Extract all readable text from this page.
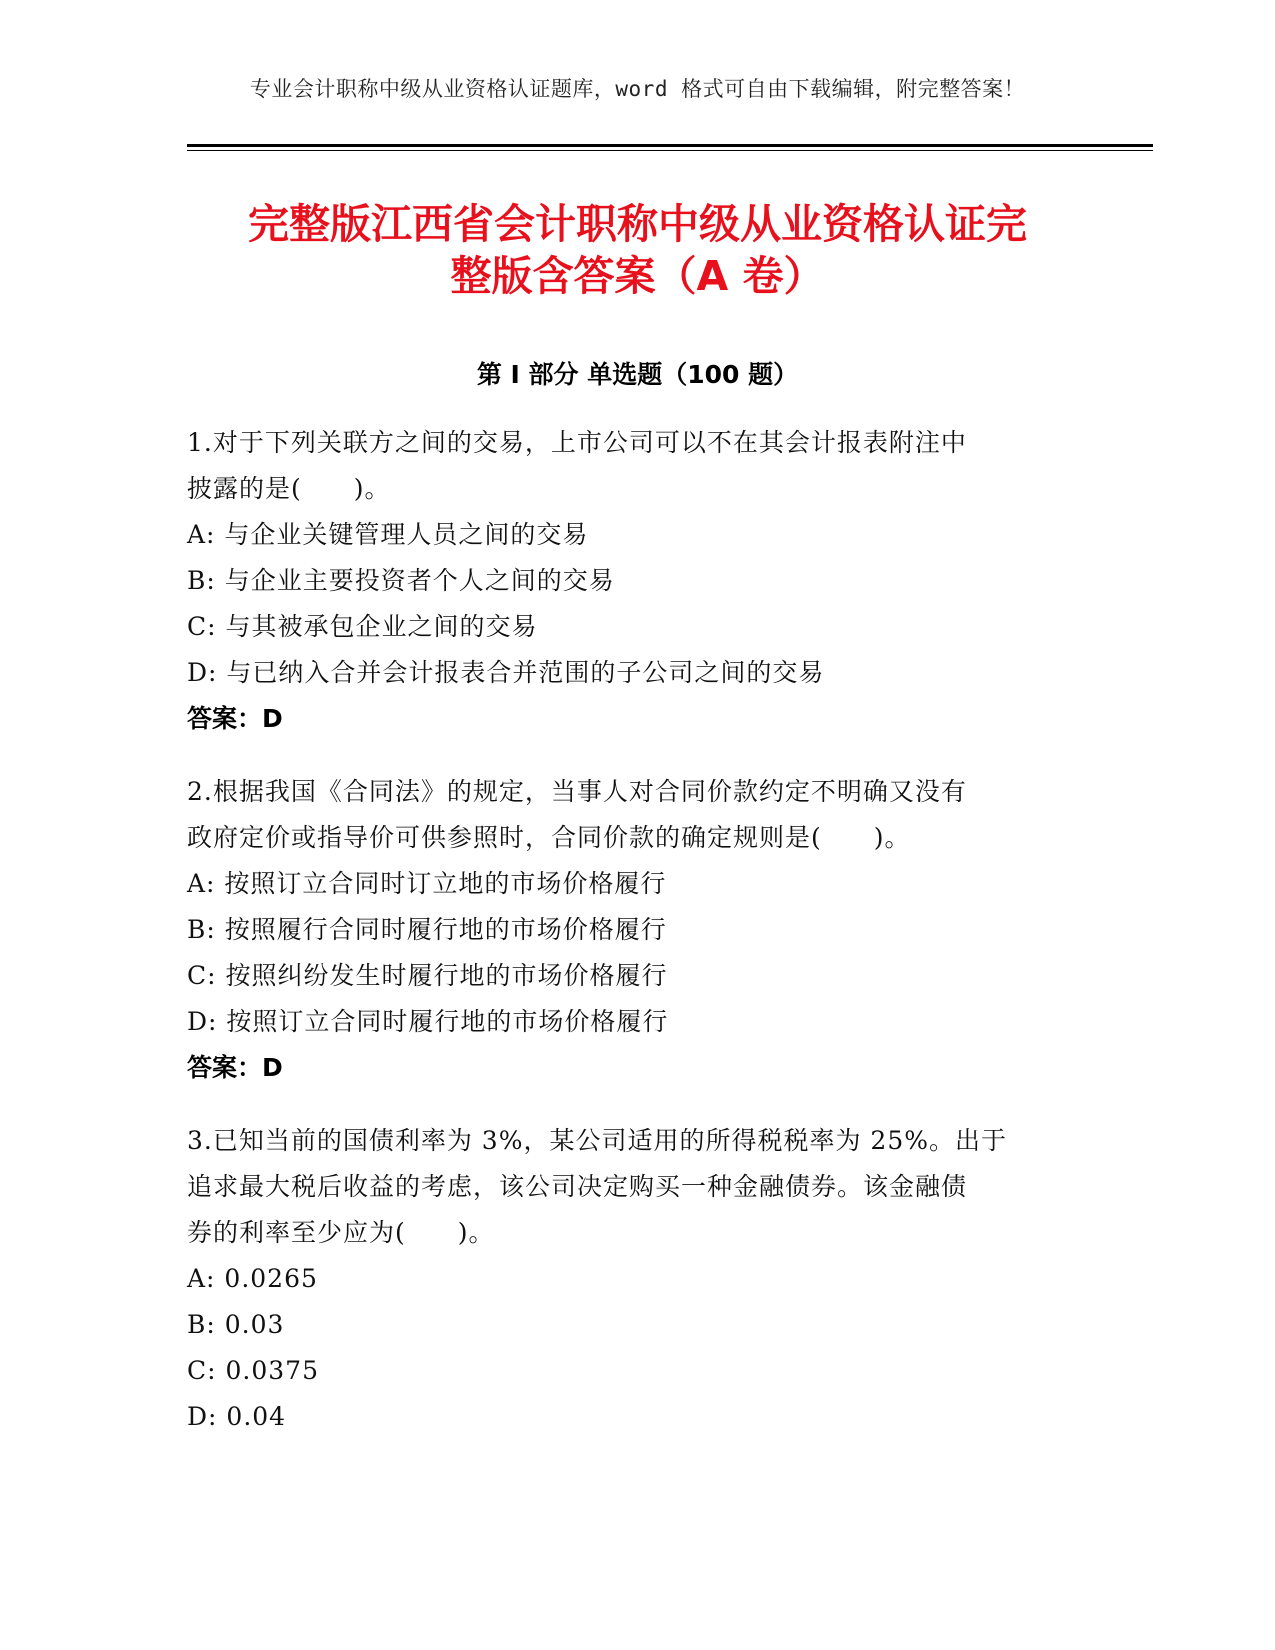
专业会计职称中级从业资格认证题库，word 格式可自由下载编辑，附完整答案！
完整版江西省会计职称中级从业资格认证完
整版含答案（A 卷）
第 I 部分 单选题（100 题）
1.对于下列关联方之间的交易，上市公司可以不在其会计报表附注中
披露的是(　　)。
A: 与企业关键管理人员之间的交易
B: 与企业主要投资者个人之间的交易
C: 与其被承包企业之间的交易
D: 与已纳入合并会计报表合并范围的子公司之间的交易
答案：D
2.根据我国《合同法》的规定，当事人对合同价款约定不明确又没有
政府定价或指导价可供参照时，合同价款的确定规则是(　　)。
A: 按照订立合同时订立地的市场价格履行
B: 按照履行合同时履行地的市场价格履行
C: 按照纠纷发生时履行地的市场价格履行
D: 按照订立合同时履行地的市场价格履行
答案：D
3.已知当前的国债利率为 3%，某公司适用的所得税税率为 25%。出于
追求最大税后收益的考虑，该公司决定购买一种金融债券。该金融债
券的利率至少应为(　　)。
A: 0.0265
B: 0.03
C: 0.0375
D: 0.04
